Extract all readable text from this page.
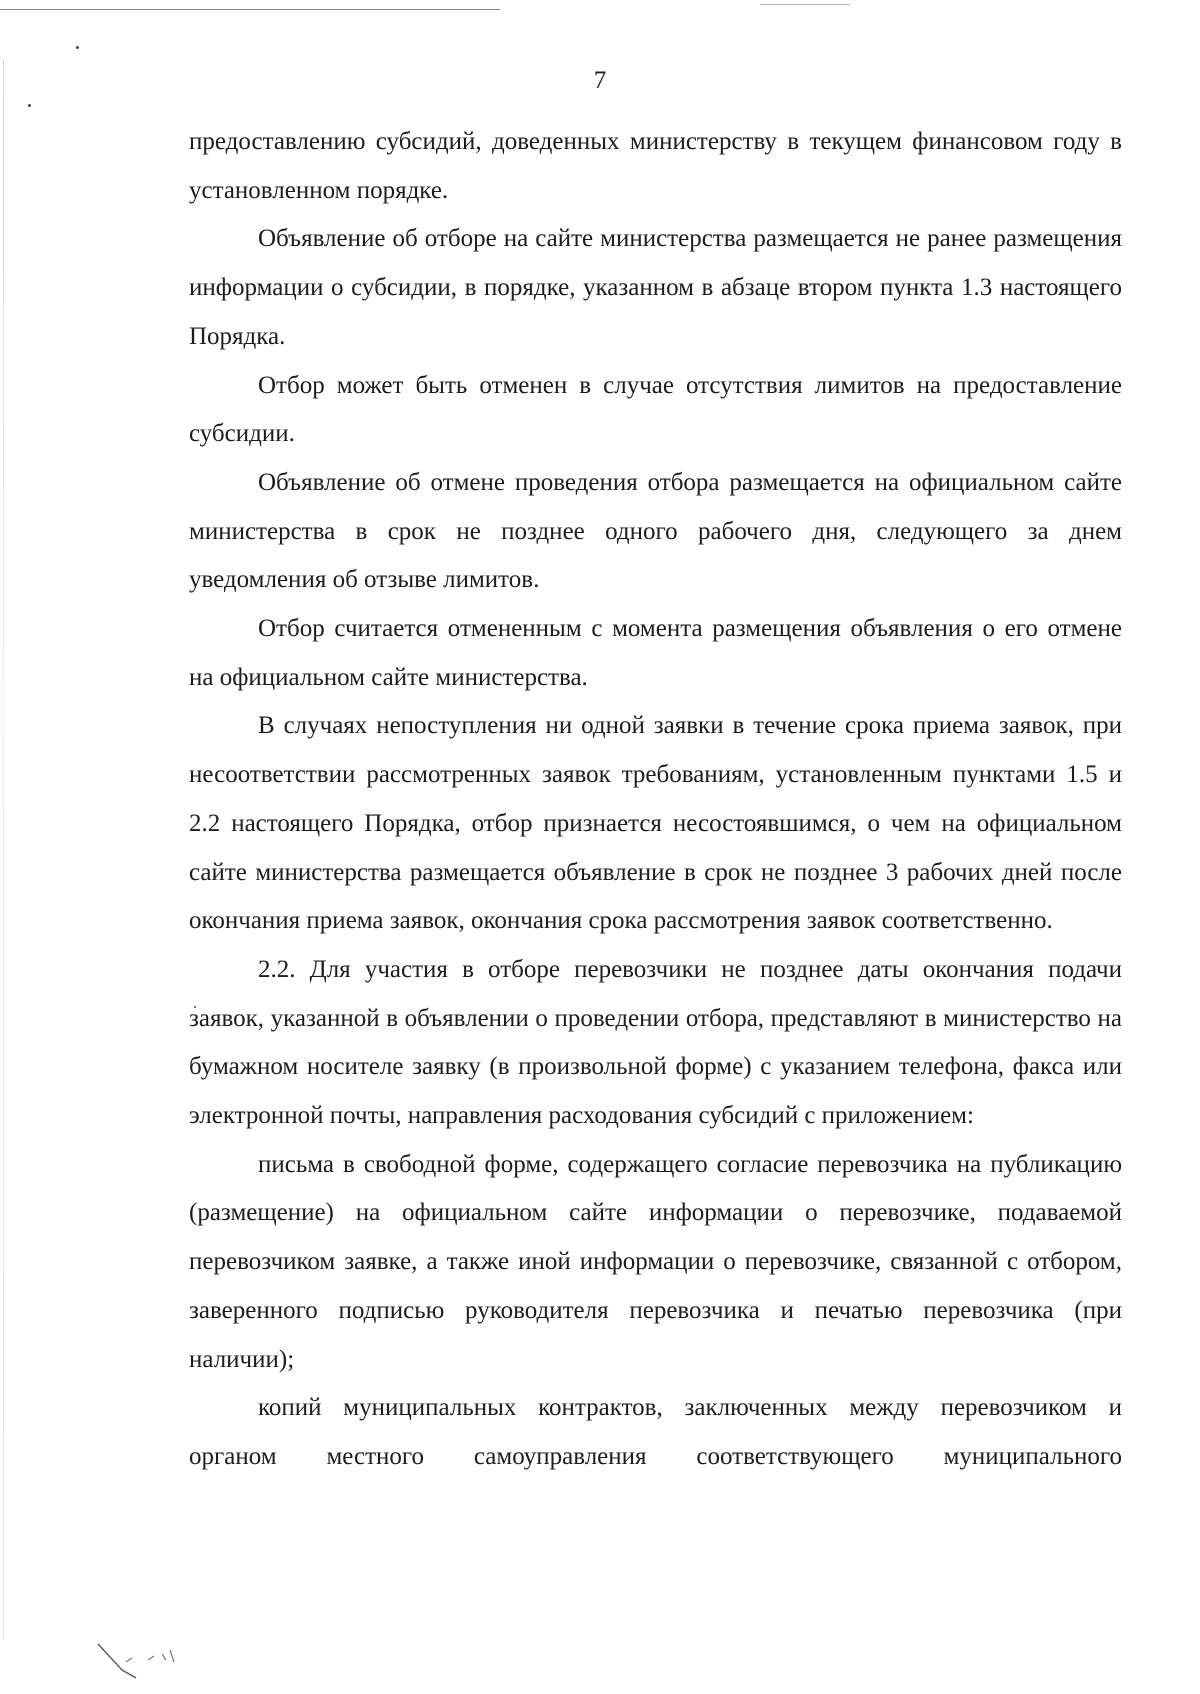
7

предоставлению субсидий, доведенных министерству в текущем финансовом году в установленном порядке.

Объявление об отборе на сайте министерства размещается не ранее размещения информации о субсидии, в порядке, указанном в абзаце втором пункта 1.3 настоящего Порядка.

Отбор может быть отменен в случае отсутствия лимитов на предоставление субсидии.

Объявление об отмене проведения отбора размещается на официальном сайте министерства в срок не позднее одного рабочего дня, следующего за днем уведомления об отзыве лимитов.

Отбор считается отмененным с момента размещения объявления о его отмене на официальном сайте министерства.

В случаях непоступления ни одной заявки в течение срока приема заявок, при несоответствии рассмотренных заявок требованиям, установленным пунктами 1.5 и 2.2 настоящего Порядка, отбор признается несостоявшимся, о чем на официальном сайте министерства размещается объявление в срок не позднее 3 рабочих дней после окончания приема заявок, окончания срока рассмотрения заявок соответственно.

2.2. Для участия в отборе перевозчики не позднее даты окончания подачи заявок, указанной в объявлении о проведении отбора, представляют в министерство на бумажном носителе заявку (в произвольной форме) с указанием телефона, факса или электронной почты, направления расходования субсидий с приложением:

письма в свободной форме, содержащего согласие перевозчика на публикацию (размещение) на официальном сайте информации о перевозчике, подаваемой перевозчиком заявке, а также иной информации о перевозчике, связанной с отбором, заверенного подписью руководителя перевозчика и печатью перевозчика (при наличии);

копий муниципальных контрактов, заключенных между перевозчиком и органом местного самоуправления соответствующего муниципального
